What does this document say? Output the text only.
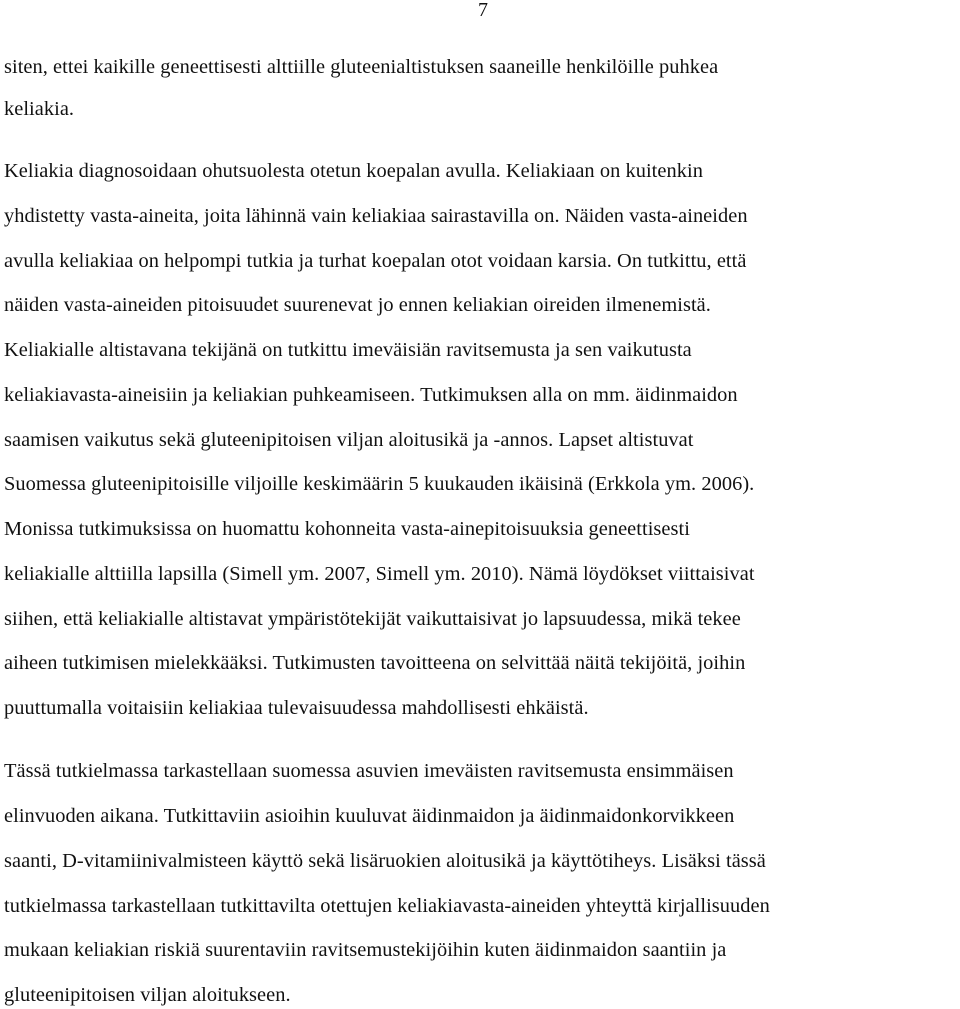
7
siten, ettei kaikille geneettisesti alttiille gluteenialtistuksen saaneille henkilöille puhkea
keliakia.
Keliakia diagnosoidaan ohutsuolesta otetun koepalan avulla. Keliakiaan on kuitenkin
yhdistetty vasta-aineita, joita lähinnä vain keliakiaa sairastavilla on. Näiden vasta-aineiden
avulla keliakiaa on helpompi tutkia ja turhat koepalan otot voidaan karsia. On tutkittu, että
näiden vasta-aineiden pitoisuudet suurenevat jo ennen keliakian oireiden ilmenemistä.
Keliakialle altistavana tekijänä on tutkittu imeväisiän ravitsemusta ja sen vaikutusta
keliakiavasta-aineisiin ja keliakian puhkeamiseen. Tutkimuksen alla on mm. äidinmaidon
saamisen vaikutus sekä gluteenipitoisen viljan aloitusikä ja -annos. Lapset altistuvat
Suomessa gluteenipitoisille viljoille keskimäärin 5 kuukauden ikäisinä (Erkkola ym. 2006).
Monissa tutkimuksissa on huomattu kohonneita vasta-ainepitoisuuksia geneettisesti
keliakialle alttiilla lapsilla (Simell ym. 2007, Simell ym. 2010). Nämä löydökset viittaisivat
siihen, että keliakialle altistavat ympäristötekijät vaikuttaisivat jo lapsuudessa, mikä tekee
aiheen tutkimisen mielekkääksi. Tutkimusten tavoitteena on selvittää näitä tekijöitä, joihin
puuttumalla voitaisiin keliakiaa tulevaisuudessa mahdollisesti ehkäistä.
Tässä tutkielmassa tarkastellaan suomessa asuvien imeväisten ravitsemusta ensimmäisen
elinvuoden aikana. Tutkittaviin asioihin kuuluvat äidinmaidon ja äidinmaidonkorvikkeen
saanti, D-vitamiinivalmisteen käyttö sekä lisäruokien aloitusikä ja käyttötiheys. Lisäksi tässä
tutkielmassa tarkastellaan tutkittavilta otettujen keliakiavasta-aineiden yhteyttä kirjallisuuden
mukaan keliakian riskiä suurentaviin ravitsemustekijöihin kuten äidinmaidon saantiin ja
gluteenipitoisen viljan aloitukseen.
